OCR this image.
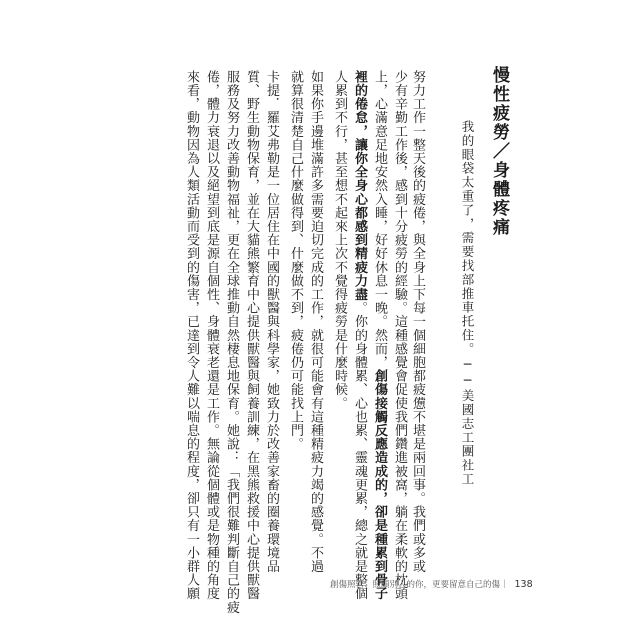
慢性疲勞／身體疼痛
我的眼袋太重了，需要找部推車托住。──美國志工團社工
努力工作一整天後的疲倦，與全身上下每一個細胞都疲憊不堪是兩回事。我們或多或
少有辛勤工作後，感到十分疲勞的經驗。這種感覺會促使我們鑽進被窩，躺在柔軟的枕頭
上，心滿意足地安然入睡，好好休息一晚。然而，創傷接觸反應造成的，卻是種累到骨子
裡的倦怠，讓你全身心都感到精疲力盡。你的身體累、心也累、靈魂更累，總之就是整個
人累到不行，甚至想不起來上次不覺得疲勞是什麼時候。
如果你手邊堆滿許多需要迫切完成的工作，就很可能會有這種精疲力竭的感覺。不過
就算很清楚自己什麼做得到、什麼做不到，疲倦仍可能找上門。
卡提．羅艾弗勒是一位居住在中國的獸醫與科學家，她致力於改善家畜的圈養環境品
質、野生動物保育，並在大貓熊繁育中心提供獸醫與飼養訓練，在黑熊救援中心提供獸醫
服務及努力改善動物福祉，更在全球推動自然棲息地保育。她說：「我們很難判斷自己的疲
倦，體力衰退以及絕望到底是源自個性、身體衰老還是工作。無論從個體或是物種的角度
來看，動物因為人類活動而受到的傷害，已達到令人難以喘息的程度，卻只有一小群人願	創傷照管：照顧別人的你，更要留意自己的傷｜ 138
